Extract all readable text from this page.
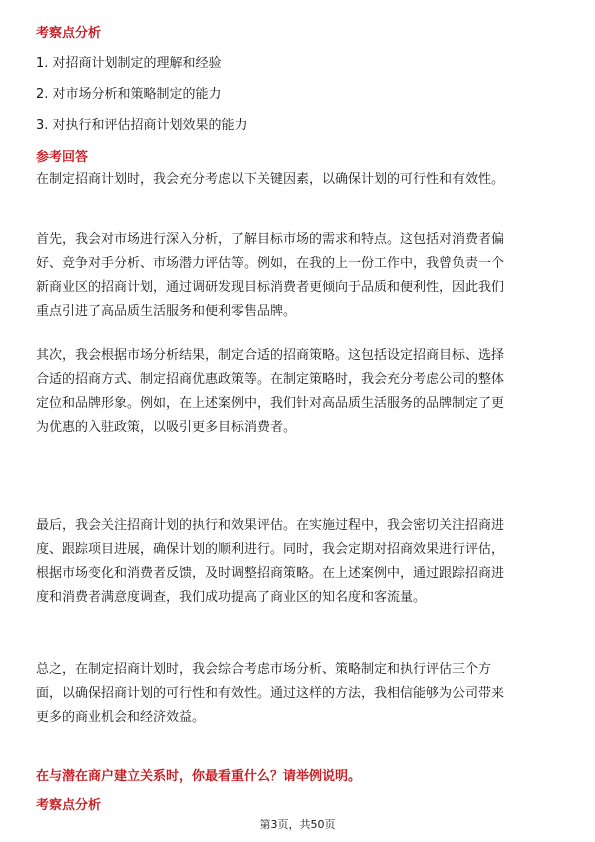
考察点分析
1. 对招商计划制定的理解和经验
2. 对市场分析和策略制定的能力
3. 对执行和评估招商计划效果的能力
参考回答
在制定招商计划时，我会充分考虑以下关键因素，以确保计划的可行性和有效性。
首先，我会对市场进行深入分析，了解目标市场的需求和特点。这包括对消费者偏
好、竞争对手分析、市场潜力评估等。例如，在我的上一份工作中，我曾负责一个
新商业区的招商计划，通过调研发现目标消费者更倾向于品质和便利性，因此我们
重点引进了高品质生活服务和便利零售品牌。
其次，我会根据市场分析结果，制定合适的招商策略。这包括设定招商目标、选择
合适的招商方式、制定招商优惠政策等。在制定策略时，我会充分考虑公司的整体
定位和品牌形象。例如，在上述案例中，我们针对高品质生活服务的品牌制定了更
为优惠的入驻政策，以吸引更多目标消费者。
最后，我会关注招商计划的执行和效果评估。在实施过程中，我会密切关注招商进
度、跟踪项目进展，确保计划的顺利进行。同时，我会定期对招商效果进行评估，
根据市场变化和消费者反馈，及时调整招商策略。在上述案例中，通过跟踪招商进
度和消费者满意度调查，我们成功提高了商业区的知名度和客流量。
总之，在制定招商计划时，我会综合考虑市场分析、策略制定和执行评估三个方
面，以确保招商计划的可行性和有效性。通过这样的方法，我相信能够为公司带来
更多的商业机会和经济效益。
在与潜在商户建立关系时，你最看重什么？请举例说明。
考察点分析
第3页，共50页
